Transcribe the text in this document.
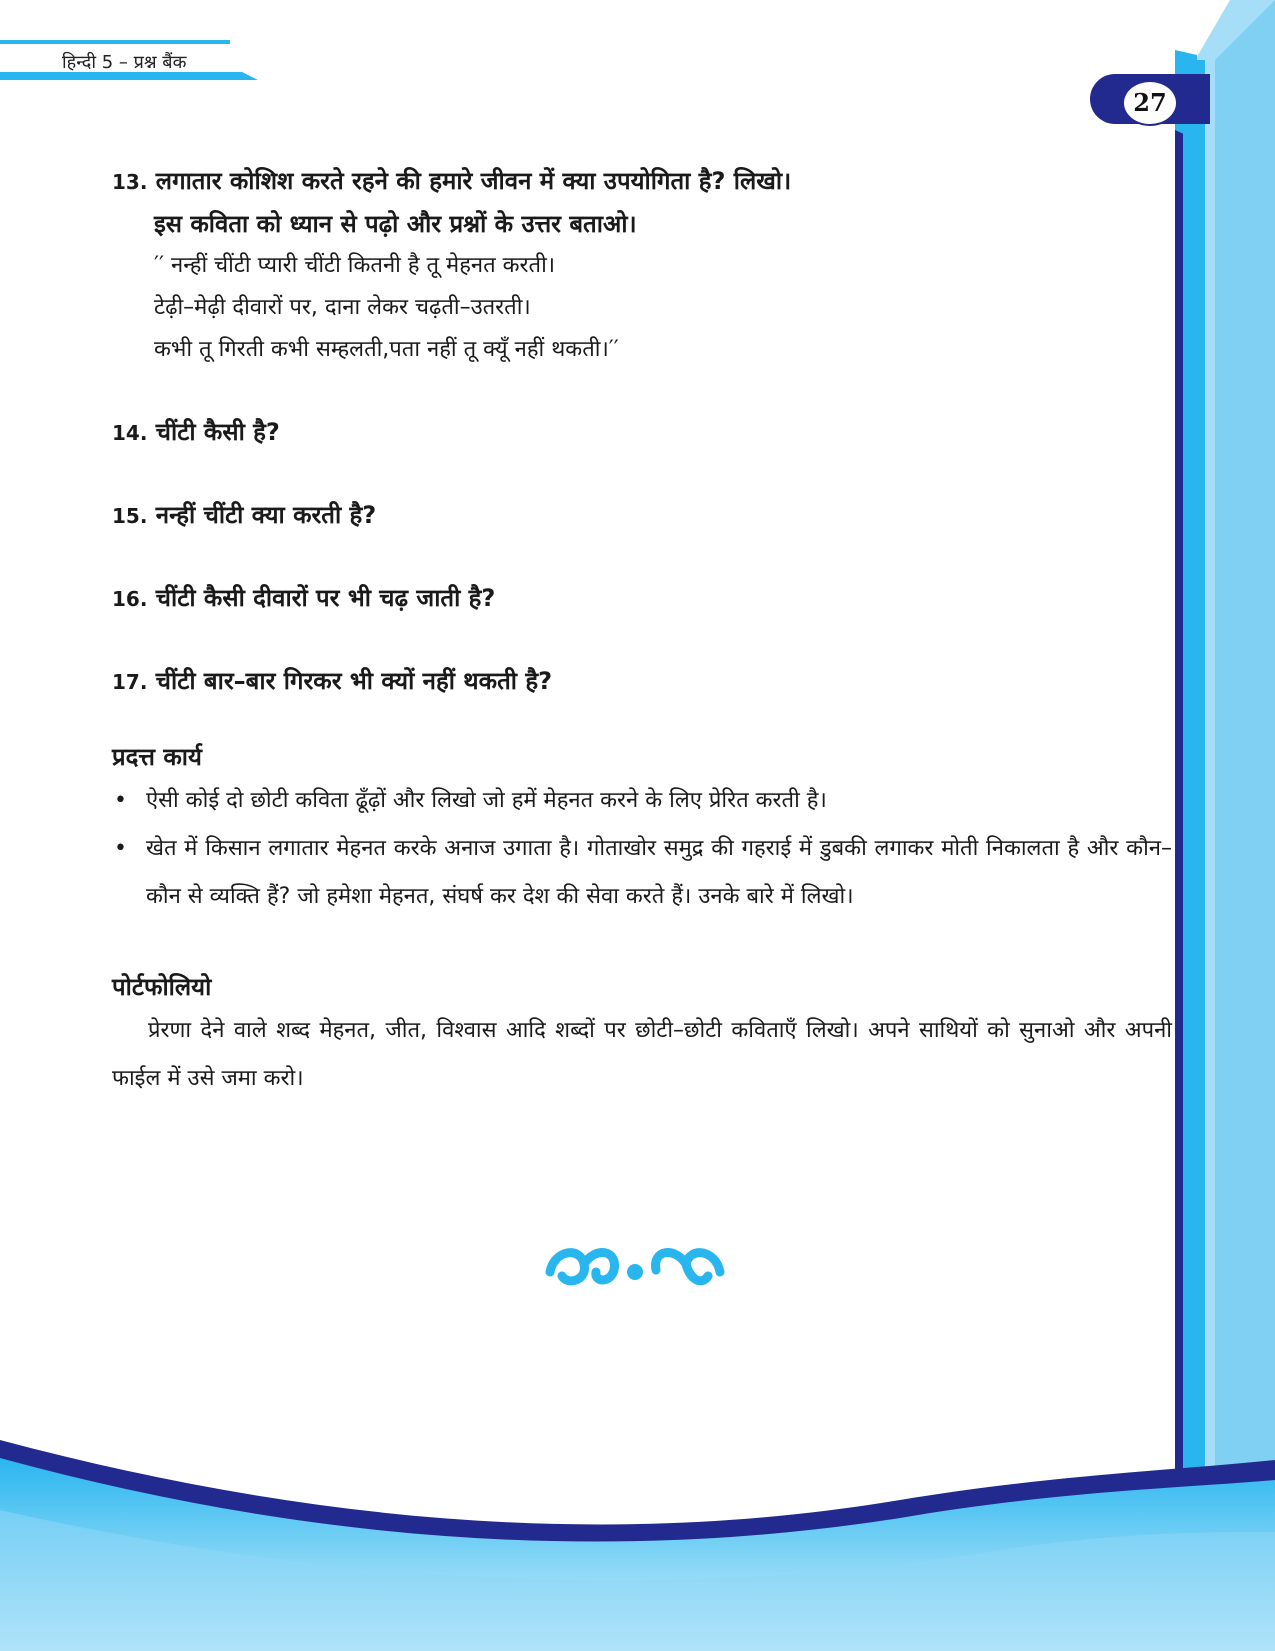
हिन्दी 5 – प्रश्न बैंक
27

13. लगातार कोशिश करते रहने की हमारे जीवन में क्या उपयोगिता है? लिखो।

इस कविता को ध्यान से पढ़ो और प्रश्नों के उत्तर बताओ।

′′ नन्हीं चींटी प्यारी चींटी कितनी है तू मेहनत करती।

टेढ़ी–मेढ़ी दीवारों पर, दाना लेकर चढ़ती–उतरती।

कभी तू गिरती कभी सम्हलती,पता नहीं तू क्यूँ नहीं थकती।′′

14. चींटी कैसी है?

15. नन्हीं चींटी क्या करती है?

16. चींटी कैसी दीवारों पर भी चढ़ जाती है?

17. चींटी बार–बार गिरकर भी क्यों नहीं थकती है?

प्रदत्त कार्य

• ऐसी कोई दो छोटी कविता ढूँढ़ों और लिखो जो हमें मेहनत करने के लिए प्रेरित करती है।
• खेत में किसान लगातार मेहनत करके अनाज उगाता है। गोताखोर समुद्र की गहराई में डुबकी लगाकर मोती निकालता है और कौन–कौन से व्यक्ति हैं? जो हमेशा मेहनत, संघर्ष कर देश की सेवा करते हैं। उनके बारे में लिखो।

पोर्टफोलियो

प्रेरणा देने वाले शब्द मेहनत, जीत, विश्वास आदि शब्दों पर छोटी–छोटी कविताएँ लिखो। अपने साथियों को सुनाओ और अपनी फाईल में उसे जमा करो।
